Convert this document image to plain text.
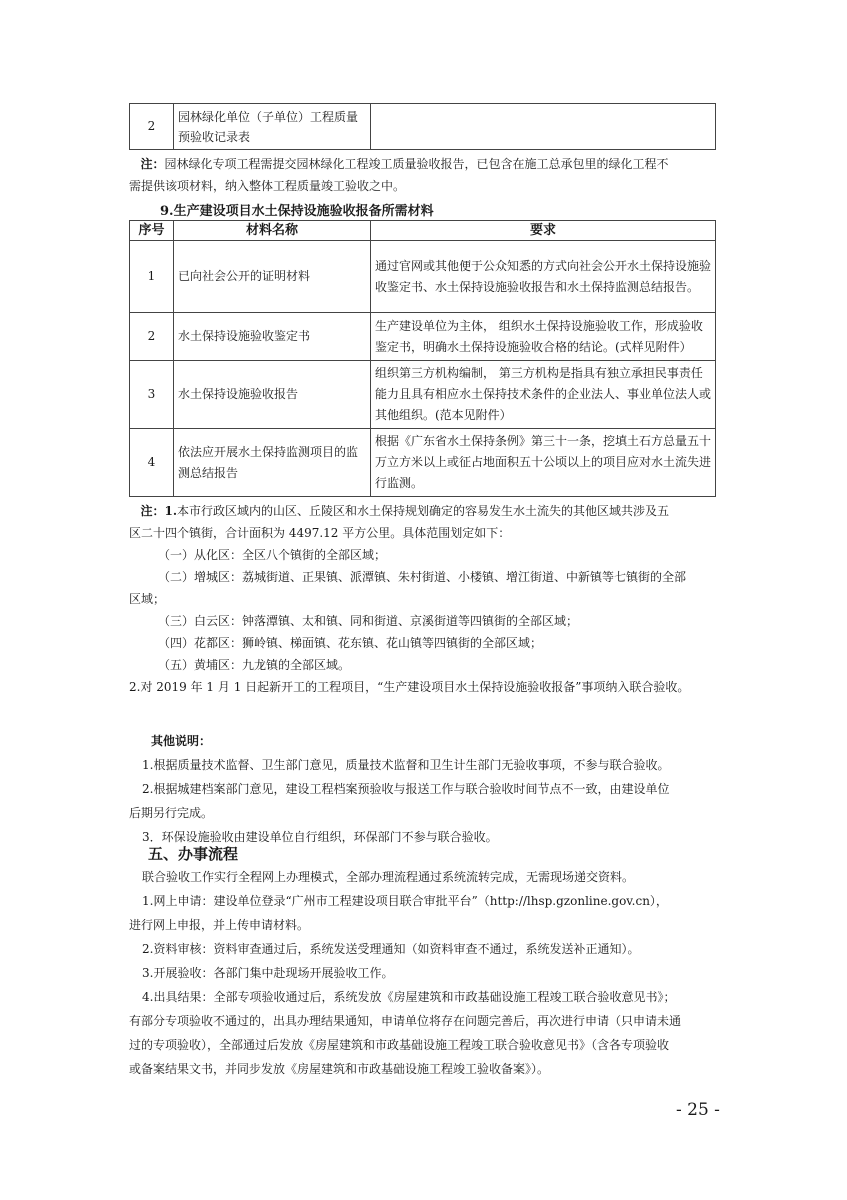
2	园林绿化单位（子单位）工程质量预验收记录表	
注：园林绿化专项工程需提交园林绿化工程竣工质量验收报告，已包含在施工总承包里的绿化工程不
需提供该项材料，纳入整体工程质量竣工验收之中。
9.生产建设项目水土保持设施验收报备所需材料
序号	材料名称	要求
1	已向社会公开的证明材料	通过官网或其他便于公众知悉的方式向社会公开水土保持设施验收鉴定书、水土保持设施验收报告和水土保持监测总结报告。
2	水土保持设施验收鉴定书	生产建设单位为主体， 组织水土保持设施验收工作，形成验收鉴定书，明确水土保持设施验收合格的结论。(式样见附件）
3	水土保持设施验收报告	组织第三方机构编制， 第三方机构是指具有独立承担民事责任能力且具有相应水土保持技术条件的企业法人、事业单位法人或其他组织。(范本见附件）
4	依法应开展水土保持监测项目的监测总结报告	根据《广东省水土保持条例》第三十一条，挖填土石方总量五十万立方米以上或征占地面积五十公顷以上的项目应对水土流失进行监测。
注：1.本市行政区域内的山区、丘陵区和水土保持规划确定的容易发生水土流失的其他区域共涉及五
区二十四个镇街，合计面积为 4497.12 平方公里。具体范围划定如下：
（一）从化区：全区八个镇街的全部区域；
（二）增城区：荔城街道、正果镇、派潭镇、朱村街道、小楼镇、增江街道、中新镇等七镇街的全部
区域；
（三）白云区：钟落潭镇、太和镇、同和街道、京溪街道等四镇街的全部区域；
（四）花都区：狮岭镇、梯面镇、花东镇、花山镇等四镇街的全部区域；
（五）黄埔区：九龙镇的全部区域。
2.对 2019 年 1 月 1 日起新开工的工程项目，“生产建设项目水土保持设施验收报备”事项纳入联合验收。
其他说明：
1.根据质量技术监督、卫生部门意见，质量技术监督和卫生计生部门无验收事项，不参与联合验收。
2.根据城建档案部门意见，建设工程档案预验收与报送工作与联合验收时间节点不一致，由建设单位
后期另行完成。
3．环保设施验收由建设单位自行组织，环保部门不参与联合验收。
五、办事流程
联合验收工作实行全程网上办理模式，全部办理流程通过系统流转完成，无需现场递交资料。
1.网上申请：建设单位登录“广州市工程建设项目联合审批平台”（http://lhsp.gzonline.gov.cn），
进行网上申报，并上传申请材料。
2.资料审核：资料审查通过后，系统发送受理通知（如资料审查不通过，系统发送补正通知）。
3.开展验收：各部门集中赴现场开展验收工作。
4.出具结果：全部专项验收通过后，系统发放《房屋建筑和市政基础设施工程竣工联合验收意见书》；
有部分专项验收不通过的，出具办理结果通知，申请单位将存在问题完善后，再次进行申请（只申请未通
过的专项验收），全部通过后发放《房屋建筑和市政基础设施工程竣工联合验收意见书》（含各专项验收
或备案结果文书，并同步发放《房屋建筑和市政基础设施工程竣工验收备案》）。
- 25 -
